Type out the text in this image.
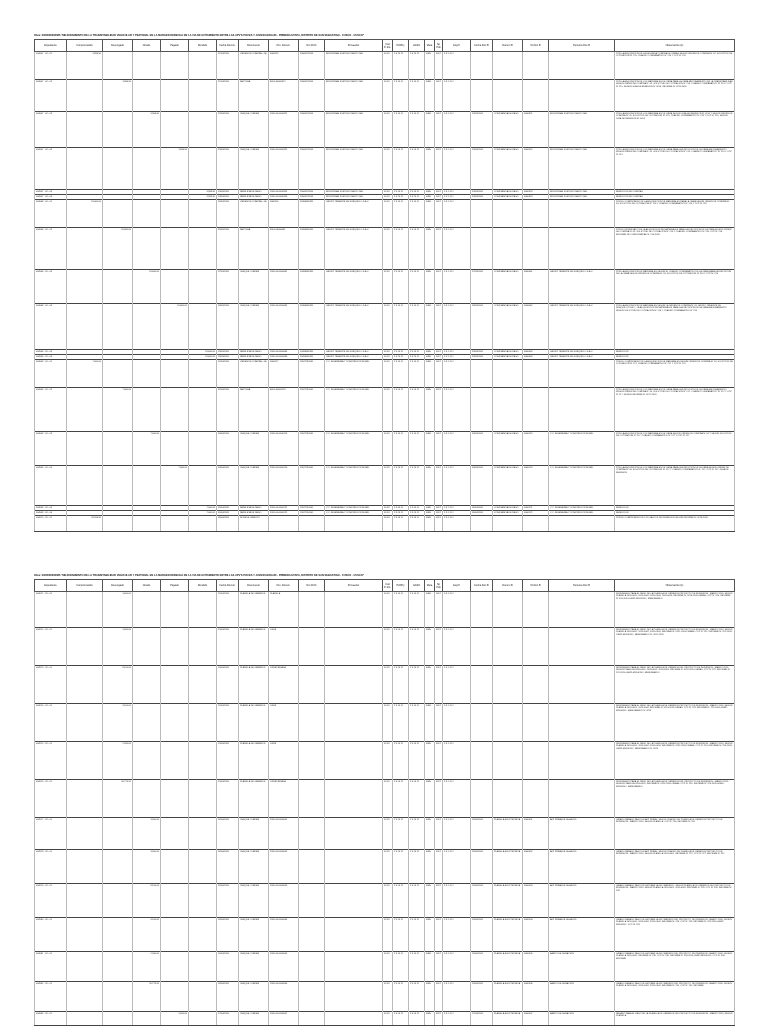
Obra: 2020006006086 "MEJORAMIENTO DE LA TRANSITABILIDAD VEHICULAR Y PEATONAL EN LA MARGEN DERECHA DE LA VIA DE EVITAMIENTO ENTRE LAS APV'S POCES Y JAVIER HERAUD - PRIMERA ETAPA, DISTRITO DE SAN SEBASTIAN - CUSCO - CUSCO"
Expediente	Comprometido	Devengado	Girado	Pagado	Rendido	Fecha Docum.	Documento	Nro. Docum.	Nro RUC	Proveedor	Cod P. dto.	Pl/dPry	Ad/dO	Meta	Sp Pds	Exp/3	Fecha Doc B	Docum B	Nr.Doc B	Persona Doc B	Observación (1)
004567 - 02 - 01	3,958.50					21/03/2020	ORDEN DE COMPRA - GE	0000215	20563270001	INDUSTRIAS FORTUS PLASTIC SRL	02.03	2.3.15.11	2.3.15.11	0085	0017	2.3.1.11.1					POR LA ADQUISICION DE LA SEGUNDA COMPRA DE OBRAS SEGUN ORDEN DE COMPRA N° 02, SOLICITUD DE COTIZACION N° 215, CUADRO COMPARATIVO N° 215 Y CCP N° 215
004567 - 02 - 02		3,958.50				21/03/2020	FACTURA	E001-00000321	20563270001	INDUSTRIAS FORTUS PLASTIC SRL	02.03	2.3.15.11	2.3.15.11	0085	0017	2.3.1.11.1					POR LA ADQUISICION DE LOS MATERIALES DE OBRA PARA LA OBRA MEJORAMIENTO DE LA TRANSITABILIDAD SEGUN ORDEN DE COMPRA N° 02, SOLICITUD DE COTIZACION N° 215, CUADRO COMPARATIVO N° 215 Y CCP N° 215, SEGUN GUIA DE REMISION N° 0014, INFORME N° 0215-2020
004567 - 02 - 03			3,958.50			22/03/2020	CHEQUE / ORDEN	2020-04-0000321	20563270001	INDUSTRIAS FORTUS PLASTIC SRL	02.03	2.3.15.11	2.3.15.11	0085	0017	2.3.1.11.1	22/03/2020	CONSTANCIA DE PAGO	0000321	INDUSTRIAS FORTUS PLASTIC SRL	POR LA ADQUISICION DE LOS MATERIALES DE OBRA SEGUN GUIA DE REMISION N° 0014 Y SEGUN ORDEN DE COMPRA N° 02, SOLICITUD DE COTIZACION N° 215, CUADRO COMPARATIVO N° 215 Y CCP N° 215, SEGUN GUIA DE REMISION N° 0014
004567 - 02 - 04				3,958.50		23/03/2020	CHEQUE / ORDEN	2020-04-0000322	20563270001	INDUSTRIAS FORTUS PLASTIC SRL	02.03	2.3.15.11	2.3.15.11	0085	0017	2.3.1.11.1	23/03/2020	CONSTANCIA DE PAGO	0000322	INDUSTRIAS FORTUS PLASTIC SRL	POR LA ADQUISICION DE LOS MATERIALES DE OBRA PARA LA EJECUCION DE LA OBRA MEJORAMIENTO SEGUN ORDEN DE COMPRA N° 02, SOLICITUD DE COTIZACION N° 215, CUADRO COMPARATIVO N° 215 Y CCP N° 215
004567 - 02 - 05					3,958.50	24/03/2020	PAPELETA DE PAGO	2020-04-0000323	20563270001	INDUSTRIAS FORTUS PLASTIC SRL	02.03	2.3.15.11	2.3.15.11	0085	0017	2.3.1.11.1	24/03/2020	CONSTANCIA DE PAGO	0000323	INDUSTRIAS FORTUS PLASTIC SRL	RENDICION DE CUENTAS
004567 - 02 - 06					3,958.50	24/03/2020	PAPELETA DE PAGO	2020-04-0000324	20563270001	INDUSTRIAS FORTUS PLASTIC SRL	02.03	2.3.15.11	2.3.15.11	0085	0017	2.3.1.11.1	24/03/2020	CONSTANCIA DE PAGO	0000324	INDUSTRIAS FORTUS PLASTIC SRL	RENDICION DE CUENTAS
004568 - 02 - 01	18,600.00					26/03/2020	ORDEN DE COMPRA - GE	0000216	20490862351	GRUPO TENIENTE DE SURQUILLO S.A.C.	02.03	2.3.15.11	2.3.15.11	0085	0017	2.3.1.11.1					POR EL COMPROMISO DE LA ADQUISICION DE MATERIALES PARA LA OBRA SEGUN ORDEN DE COMPRA N° 03, SOLICITUD DE COTIZACION N° 216 Y CUADRO COMPARATIVO N° 216 Y CCP N° 216
004568 - 02 - 02		18,600.00				26/03/2020	FACTURA	F001-00000461	20490862351	GRUPO TENIENTE DE SURQUILLO S.A.C.	02.03	2.3.15.11	2.3.15.11	0085	0017	2.3.1.11.1					POR EL DEVENGADO DE LA ADQUISICION DE MATERIALES PARA LA EJECUCION DE LA OBRA SEGUN ORDEN DE COMPRA N° 03, SOLICITUD DE COTIZACION N° 216 Y CUADRO COMPARATIVO N° 216, CCP N° 216, INFORME DE CONFORMIDAD N° 216-2020
004568 - 02 - 03			18,600.00			27/03/2020	CHEQUE / ORDEN	2020-04-0000461	20490862351	GRUPO TENIENTE DE SURQUILLO S.A.C.	02.03	2.3.15.11	2.3.15.11	0085	0017	2.3.1.11.1	27/03/2020	CONSTANCIA DE PAGO	0000461	GRUPO TENIENTE DE SURQUILLO S.A.C.	POR LA ADQUISICION DE MATERIALES SEGUN EL CUADRO COMPARATIVO DE LA OBRA PARA LA EJECUCION DE LA OBRA SEGUN ORDEN DE COMPRA N° 03, SOLICITUD DE COTIZACION N° 216 Y CCP N° 216
004568 - 02 - 04				18,600.00		28/03/2020	CHEQUE / ORDEN	2020-04-0000462	20490862351	GRUPO TENIENTE DE SURQUILLO S.A.C.	02.03	2.3.15.11	2.3.15.11	0085	0017	2.3.1.11.1	28/03/2020	CONSTANCIA DE PAGO	0000462	GRUPO TENIENTE DE SURQUILLO S.A.C.	POR LA ADQUISICION DE MATERIALES SEGUN LA ORDEN DE COMPRA N° 03, GRUPO TENIENTE DE SURQUILLO S.A.C., LA ADQUISICION DE MATERIALES PARA LA EJECUCION DE LA OBRA MEJORAMIENTO SEGUN SOLICITUD DE COTIZACION N° 216 Y CUADRO COMPARATIVO N° 216
004568 - 02 - 05					18,600.00	29/03/2020	PAPELETA DE PAGO	2020-04-0000463	20490862351	GRUPO TENIENTE DE SURQUILLO S.A.C.	02.03	2.3.15.11	2.3.15.11	0085	0017	2.3.1.11.1	29/03/2020	CONSTANCIA DE PAGO	0000463	GRUPO TENIENTE DE SURQUILLO S.A.C.	RENDICION
004568 - 02 - 06					18,600.00	29/03/2020	PAPELETA DE PAGO	2020-04-0000464	20490862351	GRUPO TENIENTE DE SURQUILLO S.A.C.	02.03	2.3.15.11	2.3.15.11	0085	0017	2.3.1.11.1	29/03/2020	CONSTANCIA DE PAGO	0000464	GRUPO TENIENTE DE SURQUILLO S.A.C.	RENDICION
004569 - 02 - 01	7,000.00					02/04/2020	ORDEN DE COMPRA - GE	0000217	20527316541	C.C. INGENIERIA Y CONSTRUCCION EIRL	02.03	2.3.15.11	2.3.15.11	0085	0017	2.3.1.11.1					POR EL COMPROMISO DE LA ADQUISICION DE MATERIALES SEGUN ORDEN DE COMPRA N° 04, SOLICITUD DE COTIZACION N° 217, CUADRO COMPARATIVO N° 217 Y CCP N° 217
004569 - 02 - 02		7,000.00				02/04/2020	FACTURA	E001-00000119	20527316541	C.C. INGENIERIA Y CONSTRUCCION EIRL	02.03	2.3.15.11	2.3.15.11	0085	0017	2.3.1.11.1					POR LA ADQUISICION DE LOS MATERIALES DE OBRA PARA LA EJECUCION DE LA OBRA MEJORAMIENTO SEGUN ORDEN DE COMPRA N° 04, SOLICITUD DE COTIZACION N° 217, CUADRO COMPARATIVO N° 217 Y CCP N° 217, SEGUN INFORME N° 0217-2020
004569 - 02 - 03			7,000.00			03/04/2020	CHEQUE / ORDEN	2020-04-0000119	20527316541	C.C. INGENIERIA Y CONSTRUCCION EIRL	02.03	2.3.15.11	2.3.15.11	0085	0017	2.3.1.11.1	03/04/2020	CONSTANCIA DE PAGO	0000119	C.C. INGENIERIA Y CONSTRUCCION EIRL	POR LA ADQUISICION DE LOS MATERIALES DE OBRA SEGUN ORDEN DE COMPRA N° 04 Y SEGUN SOLICITUD DE COTIZACION N° 217, CUADRO COMPARATIVO N° 217 Y CCP N° 217
004569 - 02 - 04				7,000.00		04/04/2020	CHEQUE / ORDEN	2020-04-0000120	20527316541	C.C. INGENIERIA Y CONSTRUCCION EIRL	02.03	2.3.15.11	2.3.15.11	0085	0017	2.3.1.11.1	04/04/2020	CONSTANCIA DE PAGO	0000120	C.C. INGENIERIA Y CONSTRUCCION EIRL	POR LA ADQUISICION DE LOS MATERIALES DE OBRA PARA LA EJECUCION DE LA OBRA SEGUN ORDEN DE COMPRA N° 04, SOLICITUD DE COTIZACION N° 217 Y CUADRO COMPARATIVO N° 217, CCP N° 217, GUIA DE REMISION
004569 - 02 - 05					7,000.00	05/04/2020	PAPELETA DE PAGO	2020-04-0000121	20527316541	C.C. INGENIERIA Y CONSTRUCCION EIRL	02.03	2.3.15.11	2.3.15.11	0085	0017	2.3.1.11.1	05/04/2020	CONSTANCIA DE PAGO	0000121	C.C. INGENIERIA Y CONSTRUCCION EIRL	RENDICION
004569 - 02 - 06					7,000.00	05/04/2020	PAPELETA DE PAGO	2020-04-0000122	20527316541	C.C. INGENIERIA Y CONSTRUCCION EIRL	02.03	2.3.15.11	2.3.15.11	0085	0017	2.3.1.11.1	05/04/2020	CONSTANCIA DE PAGO	0000122	C.C. INGENIERIA Y CONSTRUCCION EIRL	RENDICION
004570 - 02 - 01	29,558.91					06/04/2020	NOTA DE CREDITO				02.03	2.3.15.11	2.3.15.11	0085	0017	2.3.1.11.1					POR EL COMPROMISO DE LOS GASTOS DE INVERSION SEGUN INFORME N° 0218-2020
Obra: 2020006006086 "MEJORAMIENTO DE LA TRANSITABILIDAD VEHICULAR Y PEATONAL EN LA MARGEN DERECHA DE LA VIA DE EVITAMIENTO ENTRE LAS APV'S POCES Y JAVIER HERAUD - PRIMERA ETAPA, DISTRITO DE SAN SEBASTIAN - CUSCO - CUSCO"
Expediente	Comprometido	Devengado	Girado	Pagado	Rendido	Fecha Docum.	Documento	Nro. Docum.	Nro RUC	Proveedor	Cod P. dto.	Pl/dPry	Ad/dO	Meta	Sp Pds	Exp/3	Fecha Doc B	Docum B	Nr.Doc B	Persona Doc B	Observación (1)
004571 - 02 - 01		3,500.00				15/04/2020	PLANILLA DE OBREROS	PLANILLA			02.03	2.3.15.11	2.3.15.11	0085	0017	2.3.1.11.1					DEVENGADO PARA EL PAGO DE LA PLANILLA DE OBREROS PROYECTO DE INVERSION - MARZO 2020, SEGUN PLANILLA 2020-0001, 2020-0002, 2020-0003, 2020-0004, INFORME N° 0220-2020-OBRAS, CCP N° 220, INFORME N° 220-2020-GSRP-MDSS/DIC, MEMORANDO
004572 - 02 - 01		3,500.00				15/04/2020	PLANILLA DE OBREROS	LISTA			02.03	2.3.15.11	2.3.15.11	0085	0017	2.3.1.11.1					DEVENGADO PARA EL PAGO DE LA PLANILLA DE OBREROS PROYECTO DE INVERSION - MARZO 2020, SEGUN PLANILLA 2020-0001, 2020-0002, 2020-0003, INFORME N° 0221-2020-OBRAS, CCP N° 221, INFORME N° 221-2020-GSRP-MDSS/DIC, MEMORANDO N° 0221-2020
004573 - 02 - 01		8,150.00				15/04/2020	PLANILLA DE OBREROS	LISTA PRIVADA			02.03	2.3.15.11	2.3.15.11	0085	0017	2.3.1.11.1					DEVENGADO PARA EL PAGO DE LA PLANILLA DE OBREROS DEL PROYECTO DE INVERSION - MARZO 2020, SEGUN PLANILLA 2020-0001, 2020-0002, 2020-0003, INFORME N° 0222-2020-OBRAS, CCP N° 222, INFORME N° 222-2020-GSRP-MDSS/DIC, MEMORANDO
004574 - 02 - 01		9,100.00				15/04/2020	PLANILLA DE OBREROS	LISTA			02.03	2.3.15.11	2.3.15.11	0085	0017	2.3.1.11.1					DEVENGADO PARA EL PAGO DE LA PLANILLA DE OBREROS PROYECTO DE INVERSION - MARZO 2020, SEGUN PLANILLA 2020-0001, 2020-0002, INFORME N° 0223-2020-OBRAS, CCP N° 223, INFORME N° 223-2020-GSRP-MDSS/DIC, MEMORANDO N° 0223
004575 - 02 - 01		2,350.00				15/04/2020	PLANILLA DE OBREROS	LISTA			02.03	2.3.15.11	2.3.15.11	0085	0017	2.3.1.11.1					DEVENGADO PARA EL PAGO DE LA PLANILLA DE OBREROS PROYECTO DE INVERSION - MARZO 2020, SEGUN PLANILLA 2020-0001, 2020-0002, 2020-0003, INFORME N° 0224-2020-OBRAS, CCP N° 224, INFORME N° 224-2020-GSRP-MDSS/DIC, MEMORANDO N° 0224
004576 - 02 - 01		26,773.91				15/04/2020	PLANILLA DE OBREROS	LISTA PRIVADA			02.03	2.3.15.11	2.3.15.11	0085	0017	2.3.1.11.1					DEVENGADO PARA EL PAGO DE LA PLANILLA DE OBREROS DEL PROYECTO DE INVERSION - MARZO 2020, SEGUN PLANILLA 2020-0001, INFORME N° 0225-2020-OBRAS, CCP N° 225, INFORME N° 225-2020-GSRP-MDSS/DIC, MEMORANDO
004577 - 02 - 01			3,500.00			16/04/2020	CHEQUE / ORDEN	2020-04-0000501			02.03	2.3.15.11	2.3.15.11	0085	0017	2.3.1.11.1	16/04/2020	PLANILLA ELECTRONICA	0000501	AFP PRIMA DE LA SALUD	GIRADO PARA EL PAGO DE AFP PRIMA - SEGUN CUADRO DE PLANILLA DE OBREROS PROYECTO DE INVERSION - MARZO 2020, SEGUN PLANILLA, CCP N° 226, INFORME N° 226
004578 - 02 - 01			3,500.00			16/04/2020	CHEQUE / ORDEN	2020-04-0000502			02.03	2.3.15.11	2.3.15.11	0085	0017	2.3.1.11.1	16/04/2020	PLANILLA ELECTRONICA	0000502	AFP PRIMA DE LA SALUD	GIRADO PARA EL PAGO DE AFP PRIMA - SEGUN CUADRO DE PLANILLA DE OBREROS PROYECTO DE INVERSION - MARZO 2020, SEGUN PLANILLA 2020-0001, INFORME N° 227, CCP N° 227, INFORME N° 227
004579 - 02 - 01			8,150.00			16/04/2020	CHEQUE / ORDEN	2020-04-0000503			02.03	2.3.15.11	2.3.15.11	0085	0017	2.3.1.11.1	16/04/2020	PLANILLA ELECTRONICA	0000503	AFP PRIMA DE LA SALUD	GIRADO PARA EL PAGO DE LA PLANILLA DE OBREROS - SEGUN PLANILLA DE OBREROS DEL PROYECTO DE INVERSION - MARZO 2020, SEGUN PLANILLA 2020-0001, 2020-0002, INFORME N° 228, CCP N° 228, INFORME N° 228
004580 - 02 - 01			9,100.00			16/04/2020	CHEQUE / ORDEN	2020-04-0000504			02.03	2.3.15.11	2.3.15.11	0085	0017	2.3.1.11.1	16/04/2020	PLANILLA ELECTRONICA	0000504	AFP PRIMA DE LA SALUD	GIRADO PARA EL PAGO DE LA PLANILLA DE OBREROS DEL PROYECTO DE INVERSION - MARZO 2020, SEGUN PLANILLA 2020-0001, 2020-0002, 2020-0003, INFORME N° 229, CCP N° 229, INFORME N° 229-2020-GSRP-MDSS/DIC, CCP N° 229
004581 - 02 - 01			2,350.00			16/04/2020	CHEQUE / ORDEN	2020-04-0000505			02.03	2.3.15.11	2.3.15.11	0085	0017	2.3.1.11.1	16/04/2020	PLANILLA ELECTRONICA	0000505	BANCO DE LA NACION	GIRADO PARA EL PAGO DE LA PLANILLA DE OBREROS DEL PROYECTO DE INVERSION - MARZO 2020, SEGUN PLANILLA 2020-0001, INFORME N° 230, CCP N° 230, INFORME N° 230-2020-GSRP-MDSS/DIC, CCP N° 230, INFORME
004582 - 02 - 01			26,773.91			16/04/2020	CHEQUE / ORDEN	2020-04-0000506			02.03	2.3.15.11	2.3.15.11	0085	0017	2.3.1.11.1	16/04/2020	PLANILLA ELECTRONICA	0000506	BANCO DE LA NACION	GIRADO PARA EL PAGO DE LA PLANILLA DE OBREROS DEL PROYECTO DE INVERSION - MARZO 2020, SEGUN PLANILLA 2020-0001, 2020-0002, 2020-0003, INFORME N° 231, CCP N° 231, INFORME
004583 - 02 - 01				3,500.00		17/04/2020	CHEQUE / ORDEN	2020-04-0000507			02.03	2.3.15.11	2.3.15.11	0085	0017	2.3.1.11.1	17/04/2020	PLANILLA ELECTRONICA	0000507	BANCO DE LA NACION	PAGADO PARA EL PAGO DE LA PLANILLA DE OBREROS DEL PROYECTO DE INVERSION - MARZO 2020, SEGUN PLANILLA
